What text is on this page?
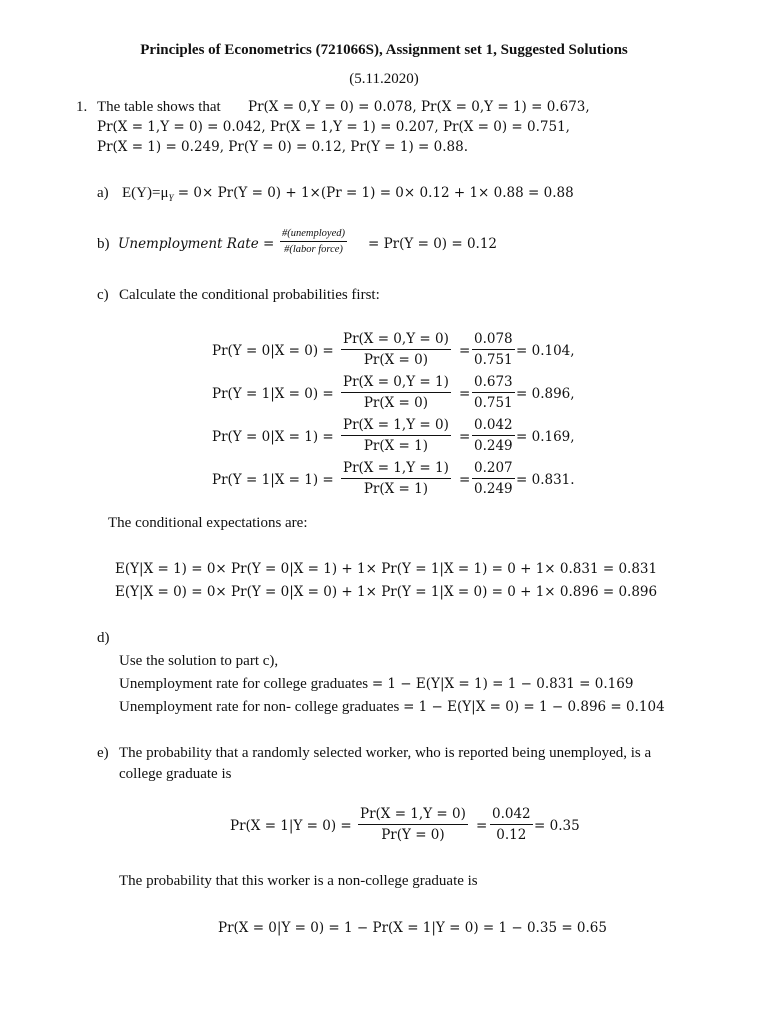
Principles of Econometrics (721066S), Assignment set 1, Suggested Solutions
(5.11.2020)
1. The table shows that Pr(X = 0,Y = 0) = 0.078, Pr(X = 0,Y = 1) = 0.673,
Pr(X = 1,Y = 0) = 0.042, Pr(X = 1,Y = 1) = 0.207, Pr(X = 0) = 0.751,
Pr(X = 1) = 0.249, Pr(Y = 0) = 0.12, Pr(Y = 1) = 0.88.
a) $E(Y)=\mu_Y = 0\times Pr(Y = 0) + 1\times(Pr = 1) = 0\times 0.12 + 1\times 0.88 = 0.88$
b) Unemployment Rate =
#(unemployed)
#(labor force)	= Pr(Y = 0) = 0.12
c) Calculate the conditional probabilities first:
$Pr(Y = 0|X = 0) = \frac{Pr(X = 0,Y = 0)}{Pr(X = 0)} = \frac{0.078}{0.751} = 0.104$,
$Pr(Y = 1|X = 0) = \frac{Pr(X = 0,Y = 1)}{Pr(X = 0)} = \frac{0.673}{0.751} = 0.896$,
$Pr(Y = 0|X = 1) = \frac{Pr(X = 1,Y = 0)}{Pr(X = 1)} = \frac{0.042}{0.249} = 0.169$,
$Pr(Y = 1|X = 1) = \frac{Pr(X = 1,Y = 1)}{Pr(X = 1)} = \frac{0.207}{0.249} = 0.831$.
The conditional expectations are:
E(Y|X = 1) = 0× Pr(Y = 0|X = 1) + 1× Pr(Y = 1|X = 1) = 0 + 1× 0.831 = 0.831
E(Y|X = 0) = 0× Pr(Y = 0|X = 0) + 1× Pr(Y = 1|X = 0) = 0 + 1× 0.896 = 0.896
d)
Use the solution to part c),
Unemployment rate for college graduates = 1 − E(Y|X = 1) = 1 − 0.831 = 0.169
Unemployment rate for non- college graduates = 1 − E(Y|X = 0) = 1 − 0.896 = 0.104
e) The probability that a randomly selected worker, who is reported being unemployed, is a
college graduate is
$Pr(X = 1|Y = 0) = \frac{Pr(X = 1,Y = 0)}{Pr(Y = 0)} = \frac{0.042}{0.12} = 0.35$
The probability that this worker is a non-college graduate is
Pr(X = 0|Y = 0) = 1 − Pr(X = 1|Y = 0) = 1 − 0.35 = 0.65
